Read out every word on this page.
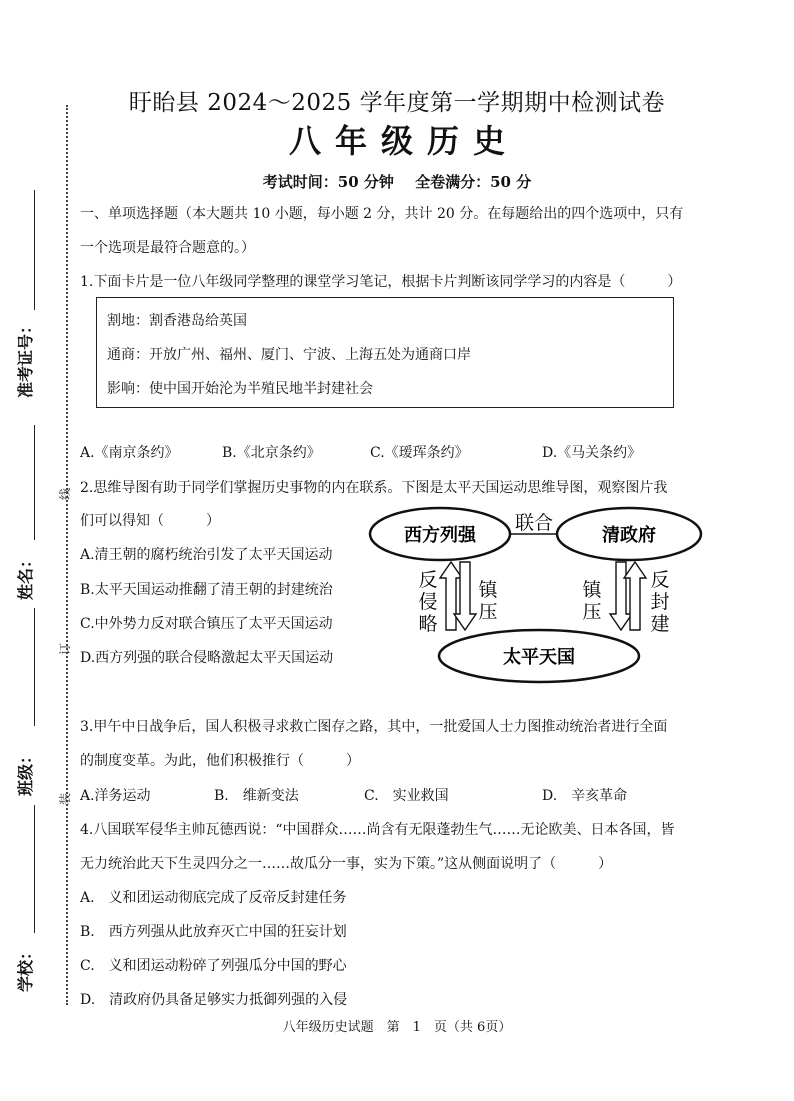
准考证号：
姓名：
班级：
学校：
线
订
装
盱眙县 2024～2025 学年度第一学期期中检测试卷
八年级历史
考试时间：50 分钟 全卷满分：50 分
一、单项选择题（本大题共 10 小题，每小题 2 分，共计 20 分。在每题给出的四个选项中，只有
一个选项是最符合题意的。）
1.下面卡片是一位八年级同学整理的课堂学习笔记，根据卡片判断该同学学习的内容是（　　　）
割地：割香港岛给英国
通商：开放广州、福州、厦门、宁波、上海五处为通商口岸
影响：使中国开始沦为半殖民地半封建社会
A.《南京条约》	B.《北京条约》	C.《瑷珲条约》	D.《马关条约》
2.思维导图有助于同学们掌握历史事物的内在联系。下图是太平天国运动思维导图，观察图片我
们可以得知（　　　）
A.清王朝的腐朽统治引发了太平天国运动
B.太平天国运动推翻了清王朝的封建统治
C.中外势力反对联合镇压了太平天国运动
D.西方列强的联合侵略激起太平天国运动
联合
西方列强	清政府
太平天国
反
侵
略
镇
压
镇
压
反
封
建
3.甲午中日战争后，国人积极寻求救亡图存之路，其中，一批爱国人士力图推动统治者进行全面
的制度变革。为此，他们积极推行（　　　）
A.洋务运动	B.　维新变法	C.　实业救国	D.　辛亥革命
4.八国联军侵华主帅瓦德西说：“中国群众……尚含有无限蓬勃生气……无论欧美、日本各国，皆
无力统治此天下生灵四分之一……故瓜分一事，实为下策。”这从侧面说明了（　　　）
A.　义和团运动彻底完成了反帝反封建任务
B.　西方列强从此放弃灭亡中国的狂妄计划
C.　义和团运动粉碎了列强瓜分中国的野心
D.　清政府仍具备足够实力抵御列强的入侵
八年级历史试题　第　1　页（共 6页）
